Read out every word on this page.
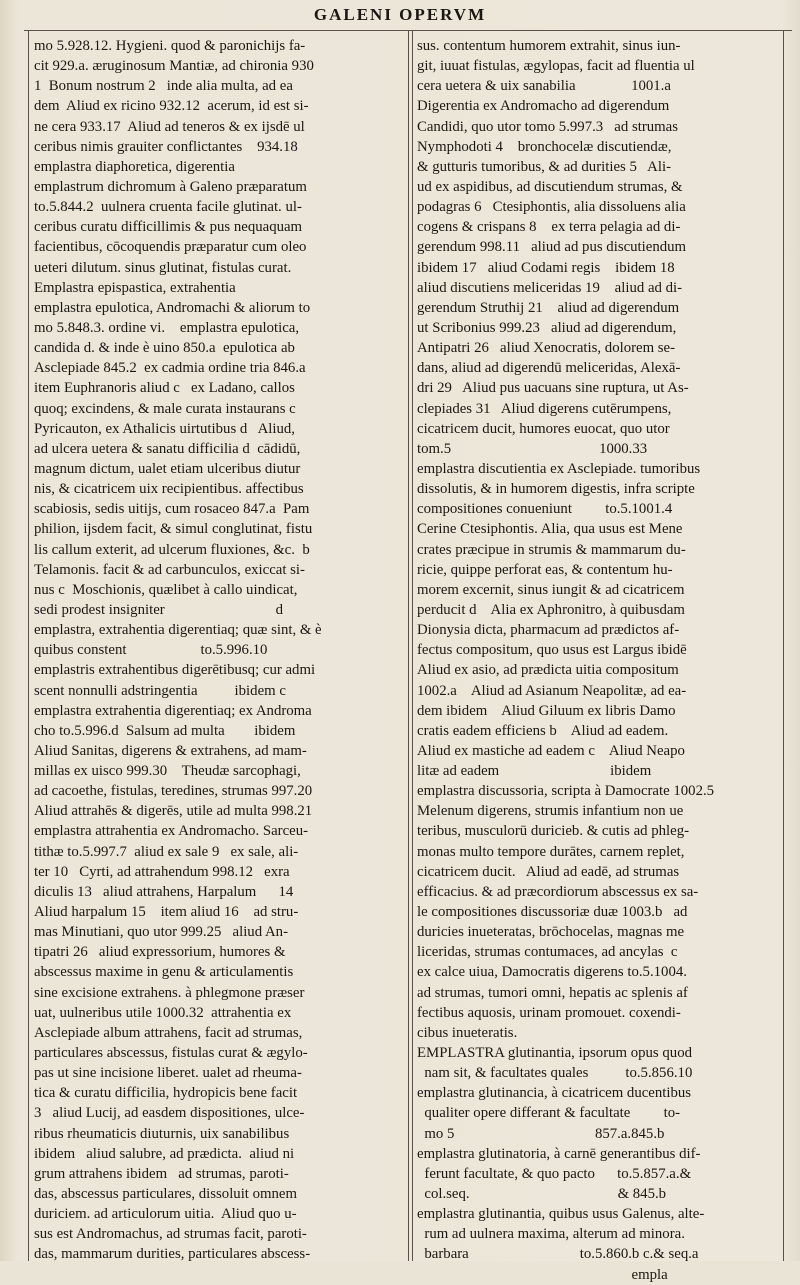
GALENI OPERVM
mo 5.928.12. Hygieni. quod & paronichijs fa-
cit 929.a. æruginosum Mantiæ, ad chironia 930
1  Bonum nostrum 2   inde alia multa, ad ea
dem  Aliud ex ricino 932.12  acerum, id est si-
ne cera 933.17  Aliud ad teneros & ex ijsdē ul
ceribus nimis grauiter conflictantes    934.18
emplastra diaphoretica, digerentia
emplastrum dichromum à Galeno præparatum
to.5.844.2  uulnera cruenta facile glutinat. ul-
ceribus curatu difficillimis & pus nequaquam
facientibus, cōcoquendis præparatur cum oleo
ueteri dilutum. sinus glutinat, fistulas curat.
Emplastra epispastica, extrahentia
emplastra epulotica, Andromachi & aliorum to
mo 5.848.3. ordine vi.    emplastra epulotica,
candida d. & inde è uino 850.a  epulotica ab
Asclepiade 845.2  ex cadmia ordine tria 846.a
item Euphranoris aliud c   ex Ladano, callos
quoq; excindens, & male curata instaurans c
Pyricauton, ex Athalicis uirtutibus d   Aliud,
ad ulcera uetera & sanatu difficilia d  cādidū,
magnum dictum, ualet etiam ulceribus diutur
nis, & cicatricem uix recipientibus. affectibus
scabiosis, sedis uitijs, cum rosaceo 847.a  Pam
philion, ijsdem facit, & simul conglutinat, fistu
lis callum exterit, ad ulcerum fluxiones, &c.  b
Telamonis. facit & ad carbunculos, exiccat si-
nus c  Moschionis, quælibet à callo uindicat,
sedi prodest insigniter                              d
emplastra, extrahentia digerentiaq; quæ sint, & è
quibus constent                    to.5.996.10
emplastris extrahentibus digerētibusq; cur admi
scent nonnulli adstringentia          ibidem c
emplastra extrahentia digerentiaq; ex Androma
cho to.5.996.d  Salsum ad multa        ibidem
Aliud Sanitas, digerens & extrahens, ad mam-
millas ex uisco 999.30    Theudæ sarcophagi,
ad cacoethe, fistulas, teredines, strumas 997.20
Aliud attrahēs & digerēs, utile ad multa 998.21
emplastra attrahentia ex Andromacho. Sarceu-
tithæ to.5.997.7  aliud ex sale 9   ex sale, ali-
ter 10   Cyrti, ad attrahendum 998.12   exra
diculis 13   aliud attrahens, Harpalum      14
Aliud harpalum 15    item aliud 16    ad stru-
mas Minutiani, quo utor 999.25   aliud An-
tipatri 26   aliud expressorium, humores &
abscessus maxime in genu & articulamentis
sine excisione extrahens. à phlegmone præser
uat, uulneribus utile 1000.32  attrahentia ex
Asclepiade album attrahens, facit ad strumas,
particulares abscessus, fistulas curat & ægylo-
pas ut sine incisione liberet. ualet ad rheuma-
tica & curatu difficilia, hydropicis bene facit
3   aliud Lucij, ad easdem dispositiones, ulce-
ribus rheumaticis diuturnis, uix sanabilibus
ibidem   aliud salubre, ad prædicta.  aliud ni
grum attrahens ibidem   ad strumas, paroti-
das, abscessus particulares, dissoluit omnem
duriciem. ad articulorum uitia.  Aliud quo u-
sus est Andromachus, ad strumas facit, paroti-
das, mammarum durities, particulares abscess-
sus. contentum humorem extrahit, sinus iun-
git, iuuat fistulas, ægylopas, facit ad fluentia ul
cera uetera & uix sanabilia               1001.a
Digerentia ex Andromacho ad digerendum
Candidi, quo utor tomo 5.997.3   ad strumas
Nymphodoti 4    bronchocelæ discutiendæ,
& gutturis tumoribus, & ad durities 5   Ali-
ud ex aspidibus, ad discutiendum strumas, &
podagras 6   Ctesiphontis, alia dissoluens alia
cogens & crispans 8    ex terra pelagia ad di-
gerendum 998.11   aliud ad pus discutiendum
ibidem 17   aliud Codami regis    ibidem 18
aliud discutiens meliceridas 19    aliud ad di-
gerendum Struthij 21    aliud ad digerendum
ut Scribonius 999.23   aliud ad digerendum,
Antipatri 26   aliud Xenocratis, dolorem se-
dans, aliud ad digerendū meliceridas, Alexā-
dri 29   Aliud pus uacuans sine ruptura, ut As-
clepiades 31   Aliud digerens cutērumpens,
cicatricem ducit, humores euocat, quo utor
tom.5                                        1000.33
emplastra discutientia ex Asclepiade. tumoribus
dissolutis, & in humorem digestis, infra scripte
compositiones conueniunt         to.5.1001.4
Cerine Ctesiphontis. Alia, qua usus est Mene
crates præcipue in strumis & mammarum du-
ricie, quippe perforat eas, & contentum hu-
morem excernit, sinus iungit & ad cicatricem
perducit d    Alia ex Aphronitro, à quibusdam
Dionysia dicta, pharmacum ad prædictos af-
fectus compositum, quo usus est Largus ibidē
Aliud ex asio, ad prædicta uitia compositum
1002.a    Aliud ad Asianum Neapolitæ, ad ea-
dem ibidem    Aliud Giluum ex libris Damo
cratis eadem efficiens b    Aliud ad eadem.
Aliud ex mastiche ad eadem c    Aliud Neapo
litæ ad eadem                              ibidem
emplastra discussoria, scripta à Damocrate 1002.5
Melenum digerens, strumis infantium non ue
teribus, musculorū duricieb. & cutis ad phleg-
monas multo tempore durātes, carnem replet,
cicatricem ducit.   Aliud ad eadē, ad strumas
efficacius. & ad præcordiorum abscessus ex sa-
le compositiones discussoriæ duæ 1003.b   ad
duricies inueteratas, brōchocelas, magnas me
liceridas, strumas contumaces, ad ancylas  c
ex calce uiua, Damocratis digerens to.5.1004.
ad strumas, tumori omni, hepatis ac splenis af
fectibus aquosis, urinam promouet. coxendi-
cibus inueteratis.
EMPLASTRA glutinantia, ipsorum opus quod
nam sit, & facultates quales          to.5.856.10
emplastra glutinancia, à cicatricem ducentibus
qualiter opere differant & facultate         to-
mo 5                                      857.a.845.b
emplastra glutinatoria, à carnē generantibus dif-
ferunt facultate, & quo pacto      to.5.857.a.&
col.seq.                                        & 845.b
emplastra glutinantia, quibus usus Galenus, alte-
rum ad uulnera maxima, alterum ad minora.
barbara                              to.5.860.b c.& seq.a
empla
